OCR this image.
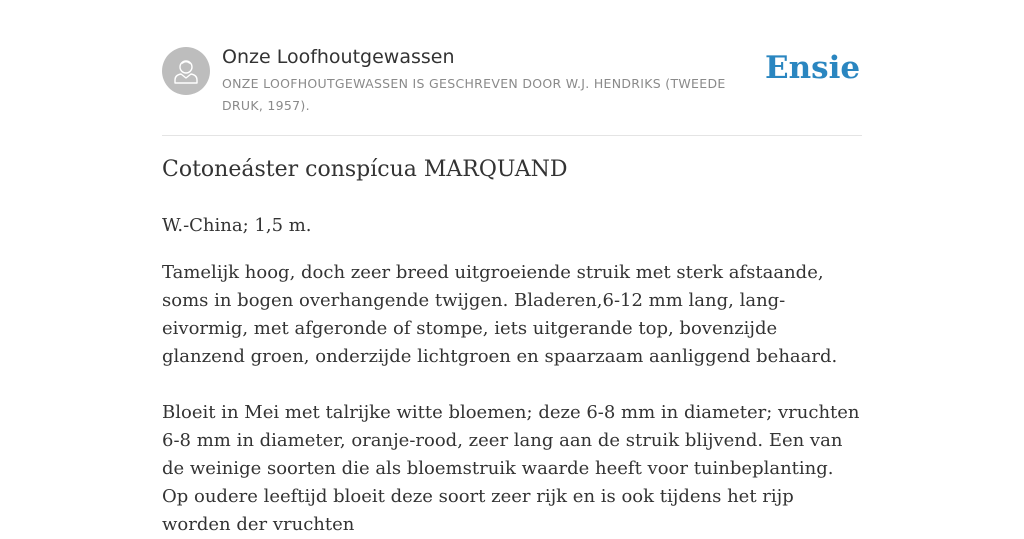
Onze Loofhoutgewassen

ONZE LOOFHOUTGEWASSEN IS GESCHREVEN DOOR W.J. HENDRIKS (TWEEDE DRUK, 1957).

Ensie
Cotoneáster conspícua MARQUAND

W.-China; 1,5 m.

Tamelijk hoog, doch zeer breed uitgroeiende struik met sterk afstaande, soms in bogen overhangende twijgen. Bladeren,6-12 mm lang, lang-eivormig, met afgeronde of stompe, iets uitgerande top, bovenzijde glanzend groen, onderzijde lichtgroen en spaarzaam aanliggend behaard.

Bloeit in Mei met talrijke witte bloemen; deze 6-8 mm in diameter; vruchten 6-8 mm in diameter, oranje-rood, zeer lang aan de struik blijvend. Een van de weinige soorten die als bloemstruik waarde heeft voor tuinbeplanting. Op oudere leeftijd bloeit deze soort zeer rijk en is ook tijdens het rijp worden der vruchten
